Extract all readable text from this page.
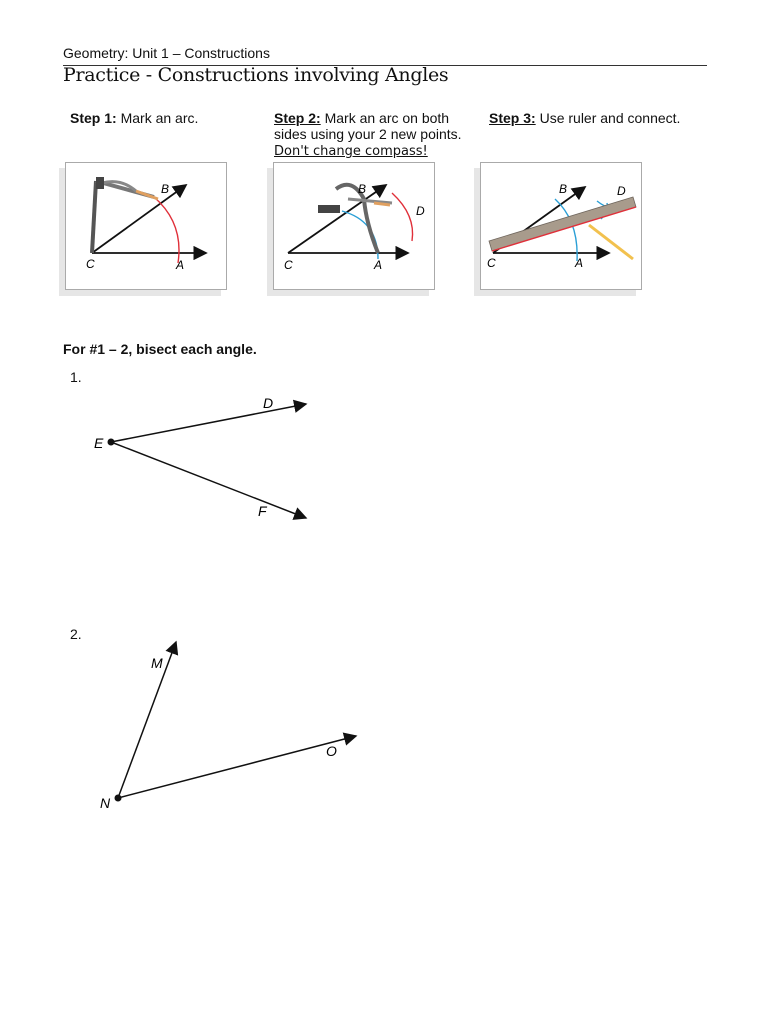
Geometry: Unit 1 – Constructions
Practice - Constructions involving Angles
Step 1: Mark an arc.	Step 2: Mark an arc on both
sides using your 2 new points.
Don't change compass!
Step 3: Use ruler and connect.
B
C	A
B
C	A
D
B
C	A
D
For #1 – 2, bisect each angle.
1.
E
D
F
2.
N
M
O
